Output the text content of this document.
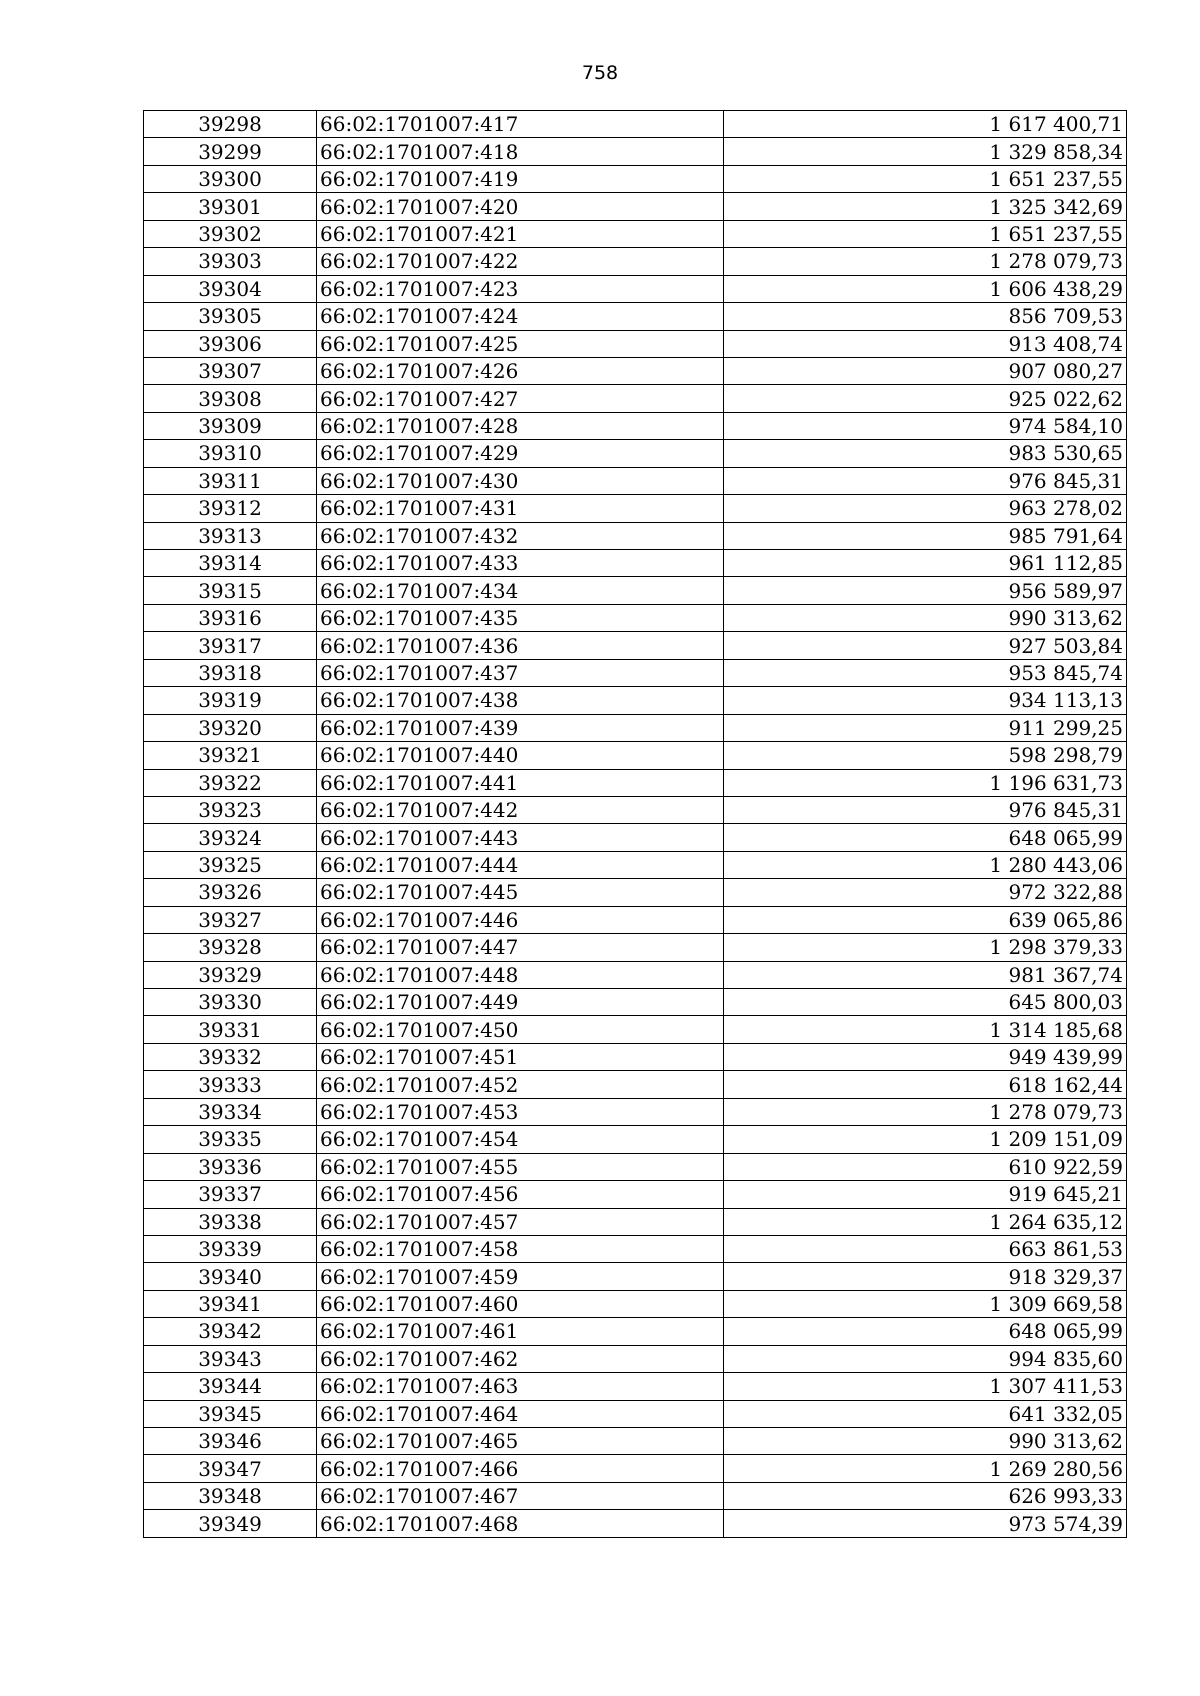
758
39298	66:02:1701007:417	1 617 400,71
39299	66:02:1701007:418	1 329 858,34
39300	66:02:1701007:419	1 651 237,55
39301	66:02:1701007:420	1 325 342,69
39302	66:02:1701007:421	1 651 237,55
39303	66:02:1701007:422	1 278 079,73
39304	66:02:1701007:423	1 606 438,29
39305	66:02:1701007:424	856 709,53
39306	66:02:1701007:425	913 408,74
39307	66:02:1701007:426	907 080,27
39308	66:02:1701007:427	925 022,62
39309	66:02:1701007:428	974 584,10
39310	66:02:1701007:429	983 530,65
39311	66:02:1701007:430	976 845,31
39312	66:02:1701007:431	963 278,02
39313	66:02:1701007:432	985 791,64
39314	66:02:1701007:433	961 112,85
39315	66:02:1701007:434	956 589,97
39316	66:02:1701007:435	990 313,62
39317	66:02:1701007:436	927 503,84
39318	66:02:1701007:437	953 845,74
39319	66:02:1701007:438	934 113,13
39320	66:02:1701007:439	911 299,25
39321	66:02:1701007:440	598 298,79
39322	66:02:1701007:441	1 196 631,73
39323	66:02:1701007:442	976 845,31
39324	66:02:1701007:443	648 065,99
39325	66:02:1701007:444	1 280 443,06
39326	66:02:1701007:445	972 322,88
39327	66:02:1701007:446	639 065,86
39328	66:02:1701007:447	1 298 379,33
39329	66:02:1701007:448	981 367,74
39330	66:02:1701007:449	645 800,03
39331	66:02:1701007:450	1 314 185,68
39332	66:02:1701007:451	949 439,99
39333	66:02:1701007:452	618 162,44
39334	66:02:1701007:453	1 278 079,73
39335	66:02:1701007:454	1 209 151,09
39336	66:02:1701007:455	610 922,59
39337	66:02:1701007:456	919 645,21
39338	66:02:1701007:457	1 264 635,12
39339	66:02:1701007:458	663 861,53
39340	66:02:1701007:459	918 329,37
39341	66:02:1701007:460	1 309 669,58
39342	66:02:1701007:461	648 065,99
39343	66:02:1701007:462	994 835,60
39344	66:02:1701007:463	1 307 411,53
39345	66:02:1701007:464	641 332,05
39346	66:02:1701007:465	990 313,62
39347	66:02:1701007:466	1 269 280,56
39348	66:02:1701007:467	626 993,33
39349	66:02:1701007:468	973 574,39
